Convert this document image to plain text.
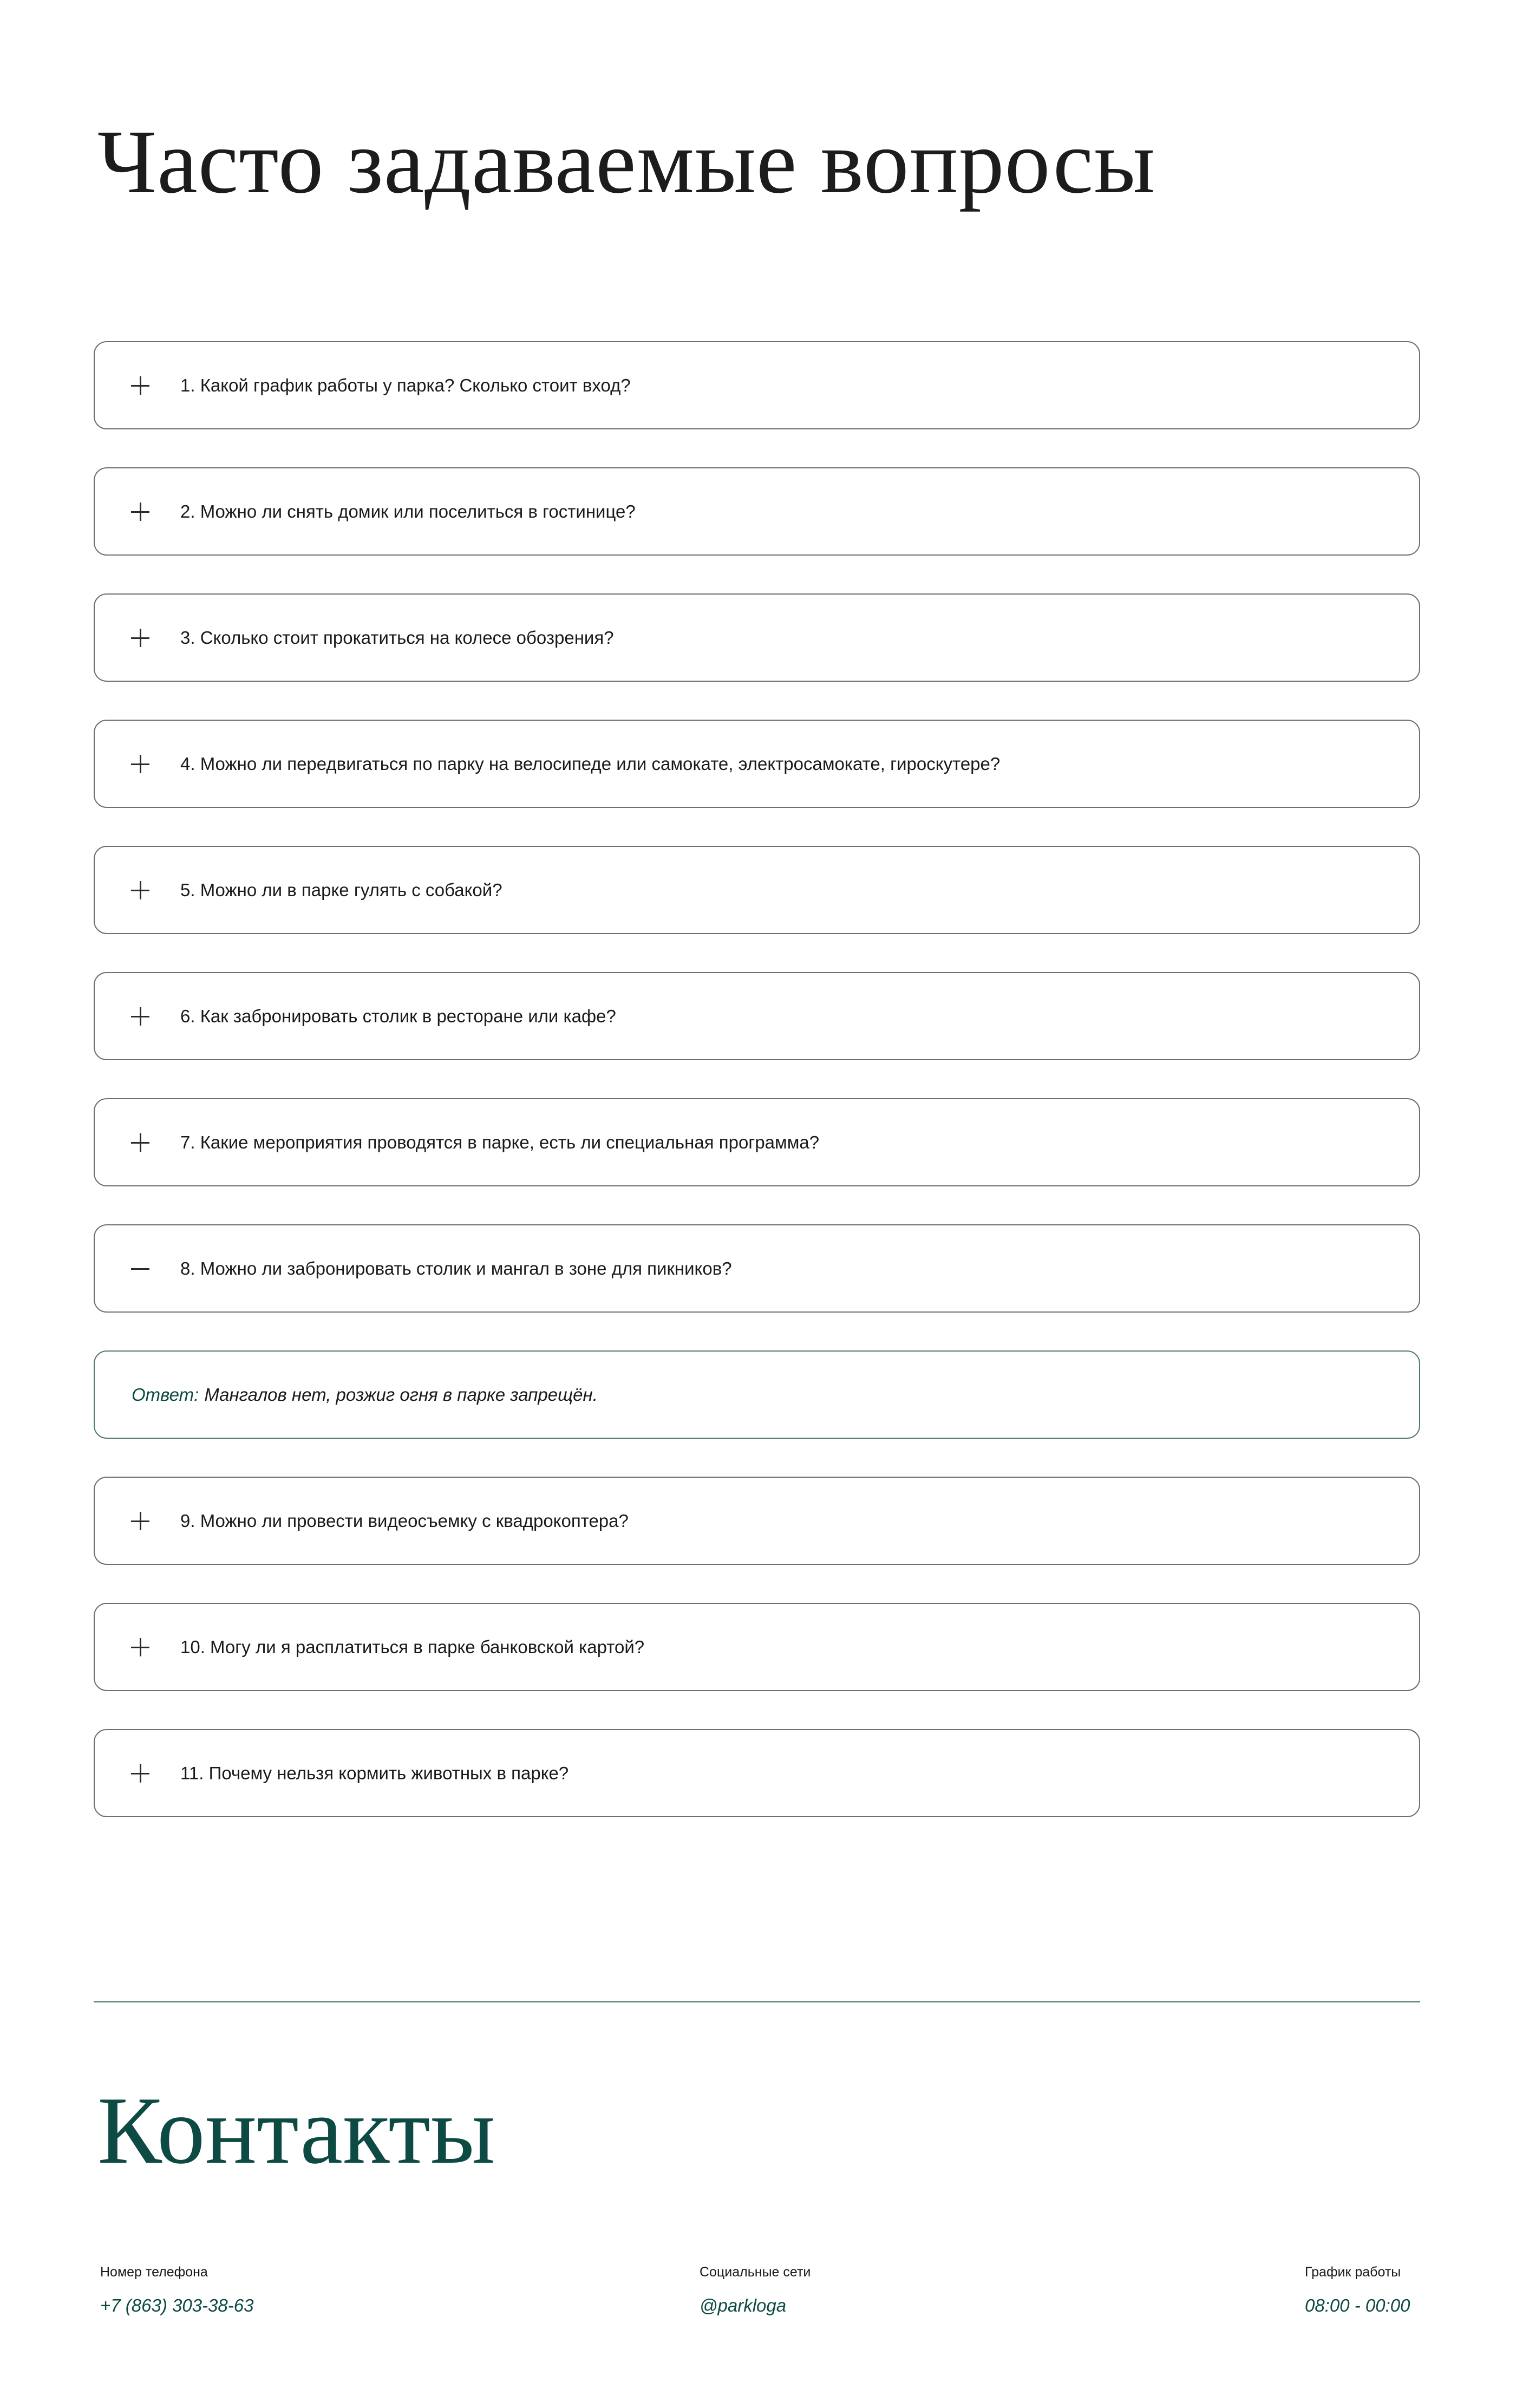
Часто задаваемые вопросы
1. Какой график работы у парка? Сколько стоит вход?
2. Можно ли снять домик или поселиться в гостинице?
3. Сколько стоит прокатиться на колесе обозрения?
4. Можно ли передвигаться по парку на велосипеде или самокате, электросамокате, гироскутере?
5. Можно ли в парке гулять с собакой?
6. Как забронировать столик в ресторане или кафе?
7. Какие мероприятия проводятся в парке, есть ли специальная программа?
8. Можно ли забронировать столик и мангал в зоне для пикников?
Ответ: Мангалов нет, розжиг огня в парке запрещён.
9. Можно ли провести видеосъемку с квадрокоптера?
10. Могу ли я расплатиться в парке банковской картой?
11. Почему нельзя кормить животных в парке?
Контакты
Номер телефона
+7 (863) 303-38-63
Социальные сети
@parkloga
График работы
08:00 - 00:00
